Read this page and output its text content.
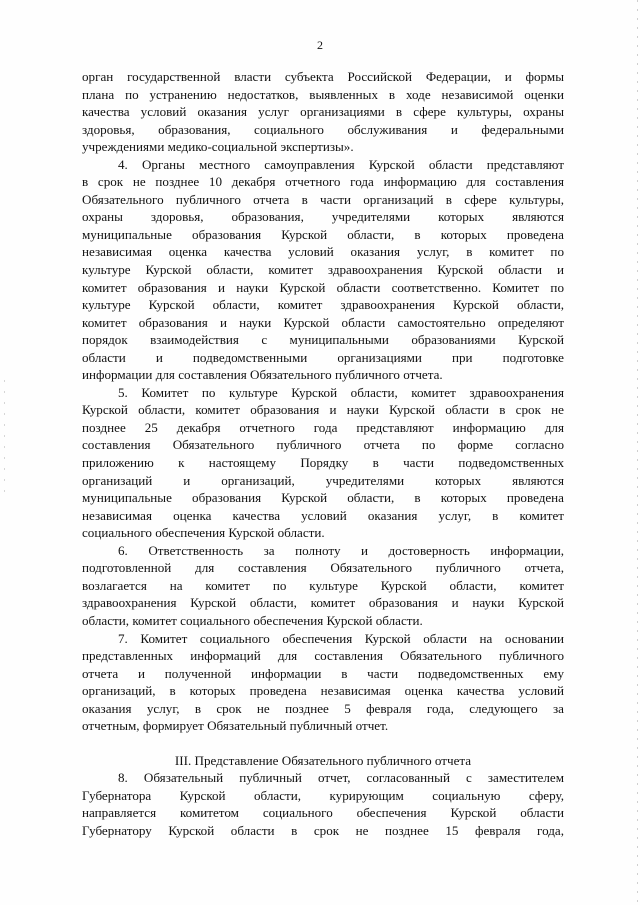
2
орган государственной власти субъекта Российской Федерации, и формы
плана по устранению недостатков, выявленных в ходе независимой оценки
качества условий оказания услуг организациями в сфере культуры, охраны
здоровья, образования, социального обслуживания и федеральными
учреждениями медико-социальной экспертизы».
4. Органы местного самоуправления Курской области представляют
в срок не позднее 10 декабря отчетного года информацию для составления
Обязательного публичного отчета в части организаций в сфере культуры,
охраны здоровья, образования, учредителями которых являются
муниципальные образования Курской области, в которых проведена
независимая оценка качества условий оказания услуг, в комитет по
культуре Курской области, комитет здравоохранения Курской области и
комитет образования и науки Курской области соответственно. Комитет по
культуре Курской области, комитет здравоохранения Курской области,
комитет образования и науки Курской области самостоятельно определяют
порядок взаимодействия с муниципальными образованиями Курской
области и подведомственными организациями при подготовке
информации для составления Обязательного публичного отчета.
5. Комитет по культуре Курской области, комитет здравоохранения
Курской области, комитет образования и науки Курской области в срок не
позднее 25 декабря отчетного года представляют информацию для
составления Обязательного публичного отчета по форме согласно
приложению к настоящему Порядку в части подведомственных
организаций и организаций, учредителями которых являются
муниципальные образования Курской области, в которых проведена
независимая оценка качества условий оказания услуг, в комитет
социального обеспечения Курской области.
6. Ответственность за полноту и достоверность информации,
подготовленной для составления Обязательного публичного отчета,
возлагается на комитет по культуре Курской области, комитет
здравоохранения Курской области, комитет образования и науки Курской
области, комитет социального обеспечения Курской области.
7. Комитет социального обеспечения Курской области на основании
представленных информаций для составления Обязательного публичного
отчета и полученной информации в части подведомственных ему
организаций, в которых проведена независимая оценка качества условий
оказания услуг, в срок не позднее 5 февраля года, следующего за
отчетным, формирует Обязательный публичный отчет.
III. Представление Обязательного публичного отчета
8. Обязательный публичный отчет, согласованный с заместителем
Губернатора Курской области, курирующим социальную сферу,
направляется комитетом социального обеспечения Курской области
Губернатору Курской области в срок не позднее 15 февраля года,
